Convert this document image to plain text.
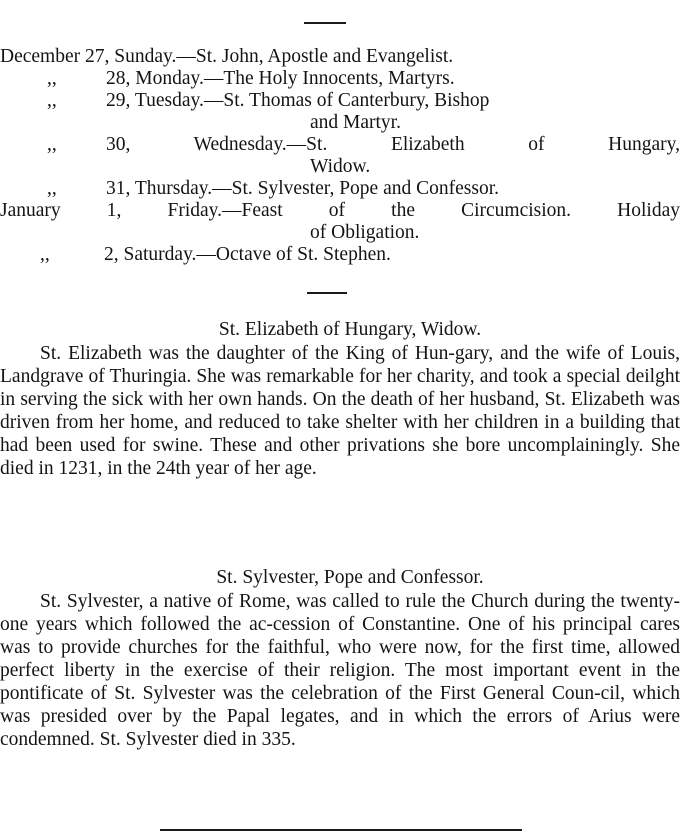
December 27, Sunday.—St. John, Apostle and Evangelist.
,,	28, Monday.—The Holy Innocents, Martyrs.
,,	29, Tuesday.—St. Thomas of Canterbury, Bishop
and Martyr.
,,	30, Wednesday.—St. Elizabeth of Hungary,
Widow.
,,	31, Thursday.—St. Sylvester, Pope and Confessor.
January 1, Friday.—Feast of the Circumcision. Holiday
of Obligation.
,,	2, Saturday.—Octave of St. Stephen.
St. Elizabeth of Hungary, Widow.

St. Elizabeth was the daughter of the King of Hun-gary, and the wife of Louis, Landgrave of Thuringia. She was remarkable for her charity, and took a special deilght in serving the sick with her own hands. On the death of her husband, St. Elizabeth was driven from her home, and reduced to take shelter with her children in a building that had been used for swine. These and other privations she bore uncomplainingly. She died in 1231, in the 24th year of her age.

St. Sylvester, Pope and Confessor.

St. Sylvester, a native of Rome, was called to rule the Church during the twenty-one years which followed the ac-cession of Constantine. One of his principal cares was to provide churches for the faithful, who were now, for the first time, allowed perfect liberty in the exercise of their religion. The most important event in the pontificate of St. Sylvester was the celebration of the First General Coun-cil, which was presided over by the Papal legates, and in which the errors of Arius were condemned. St. Sylvester died in 335.
